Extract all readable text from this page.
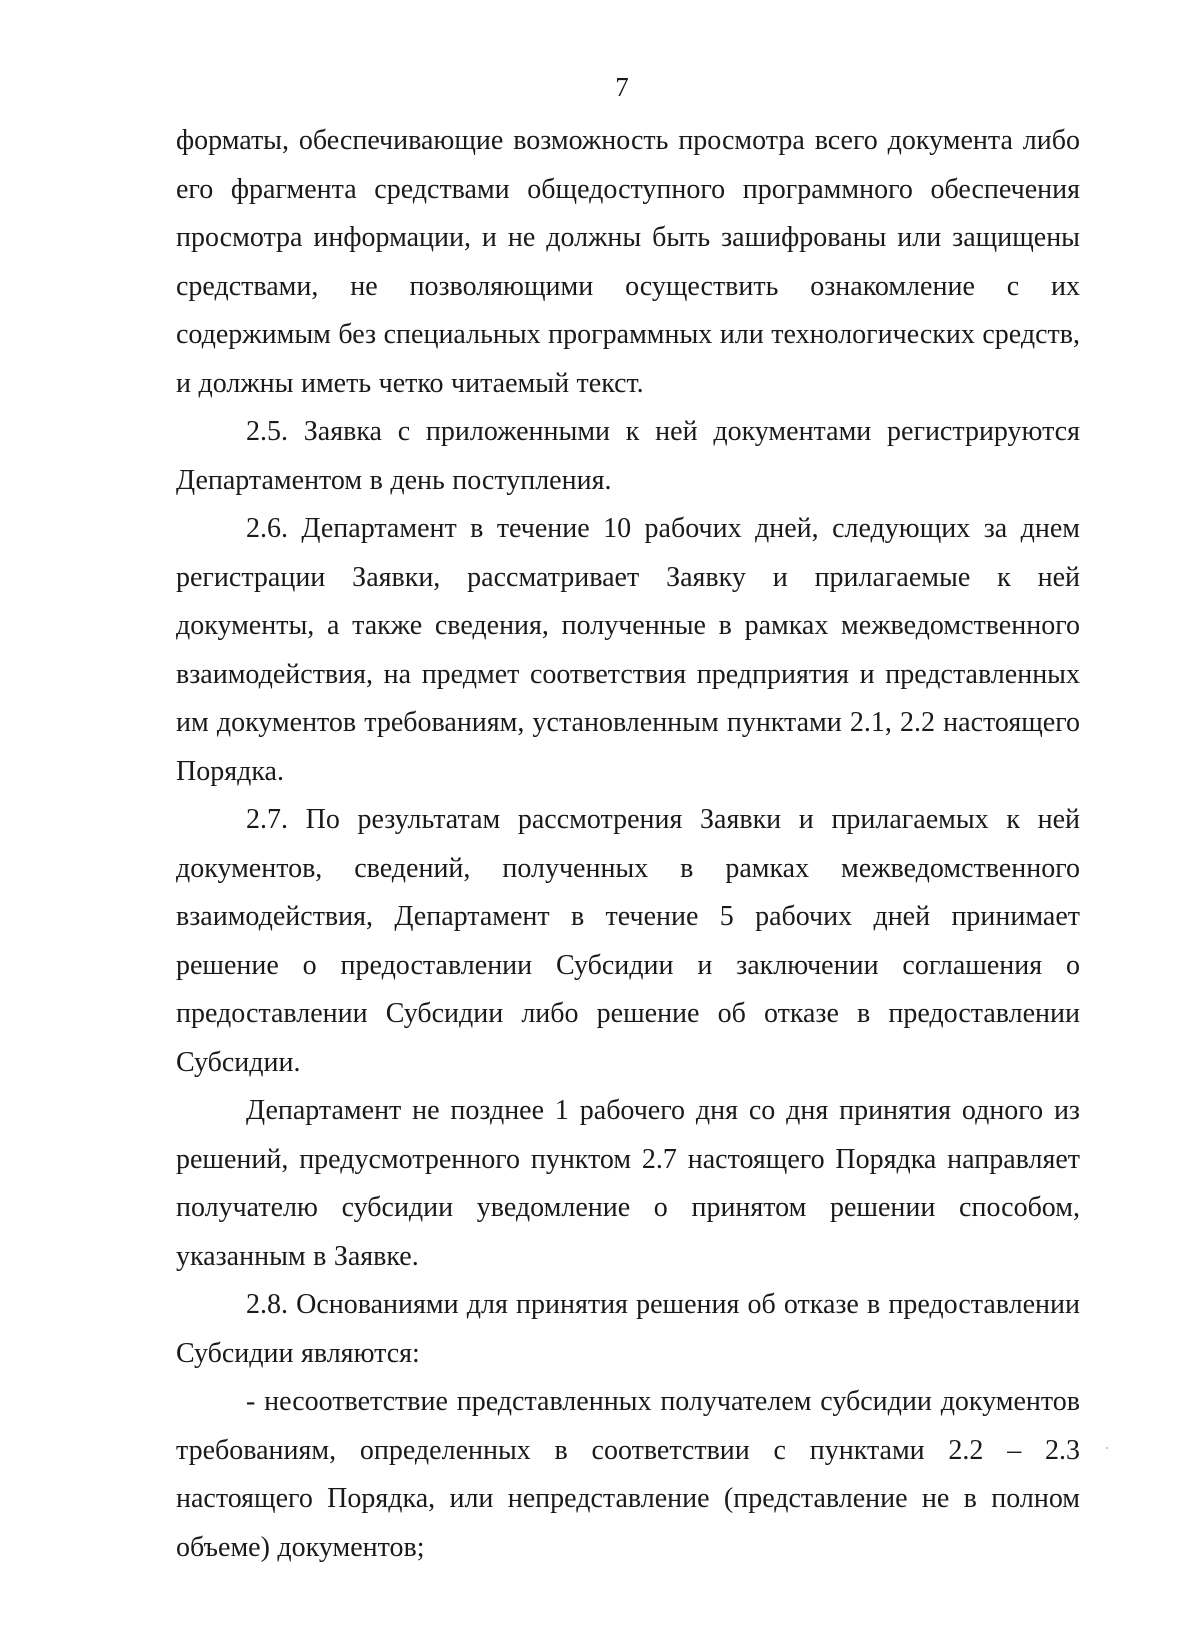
7

форматы, обеспечивающие возможность просмотра всего документа либо его фрагмента средствами общедоступного программного обеспечения просмотра информации, и не должны быть зашифрованы или защищены средствами, не позволяющими осуществить ознакомление с их содержимым без специальных программных или технологических средств, и должны иметь четко читаемый текст.

2.5. Заявка с приложенными к ней документами регистрируются Департаментом в день поступления.

2.6. Департамент в течение 10 рабочих дней, следующих за днем регистрации Заявки, рассматривает Заявку и прилагаемые к ней документы, а также сведения, полученные в рамках межведомственного взаимодействия, на предмет соответствия предприятия и представленных им документов требованиям, установленным пунктами 2.1, 2.2 настоящего Порядка.

2.7. По результатам рассмотрения Заявки и прилагаемых к ней документов, сведений, полученных в рамках межведомственного взаимодействия, Департамент в течение 5 рабочих дней принимает решение о предоставлении Субсидии и заключении соглашения о предоставлении Субсидии либо решение об отказе в предоставлении Субсидии.

Департамент не позднее 1 рабочего дня со дня принятия одного из решений, предусмотренного пунктом 2.7 настоящего Порядка направляет получателю субсидии уведомление о принятом решении способом, указанным в Заявке.

2.8. Основаниями для принятия решения об отказе в предоставлении Субсидии являются:

- несоответствие представленных получателем субсидии документов требованиям, определенных в соответствии с пунктами 2.2 – 2.3 настоящего Порядка, или непредставление (представление не в полном объеме) документов;
